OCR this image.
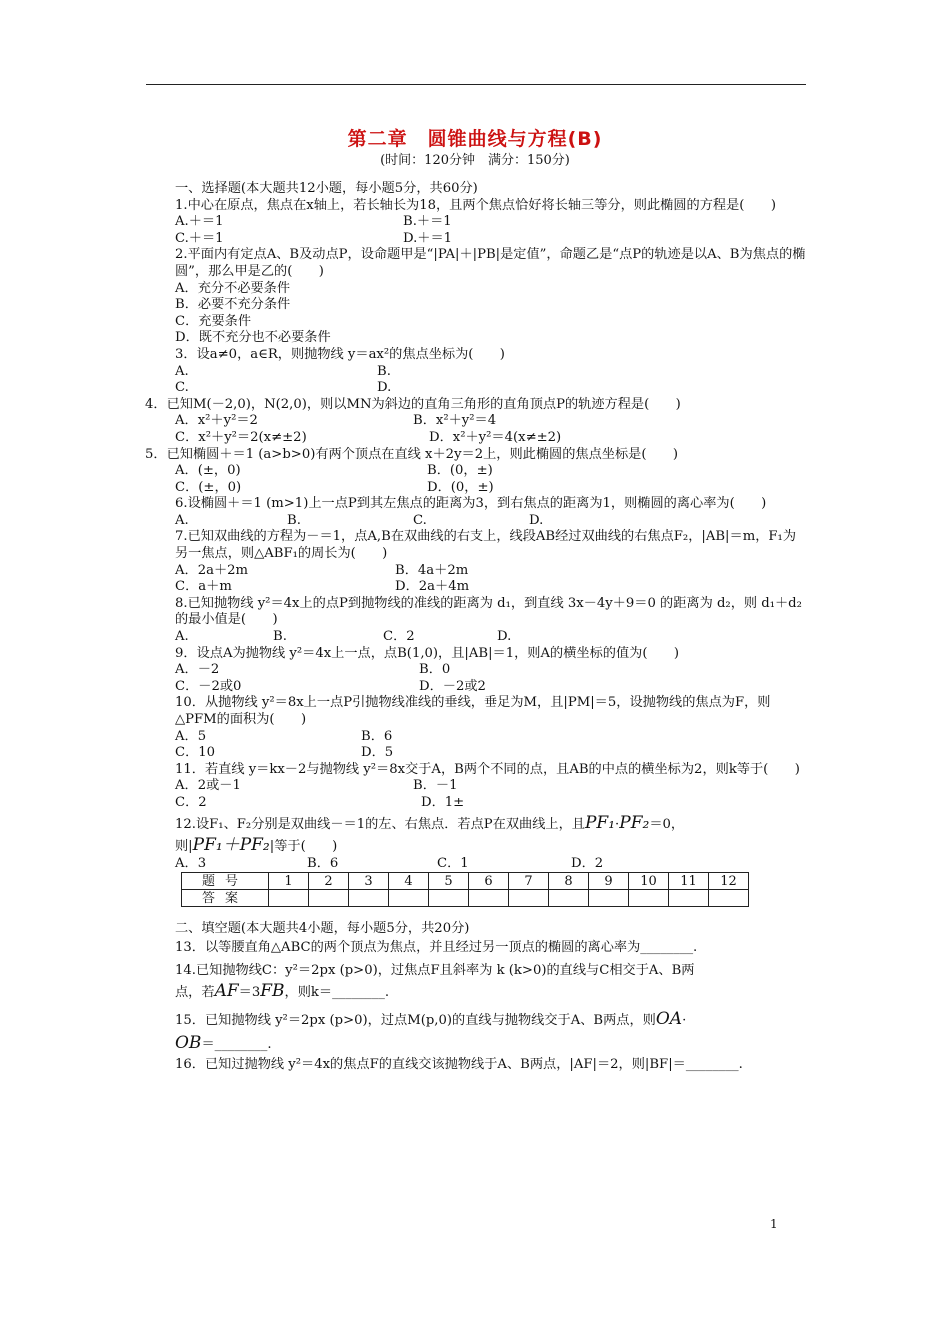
第二章　圆锥曲线与方程(B)
(时间：120分钟　满分：150分)
一、选择题(本大题共12小题，每小题5分，共60分)
1.中心在原点，焦点在x轴上，若长轴长为18，且两个焦点恰好将长轴三等分，则此椭圆的方程是(　　)
A.＋＝1	B.＋＝1
C.＋＝1	D.＋＝1
2.平面内有定点A、B及动点P，设命题甲是“|PA|＋|PB|是定值”，命题乙是“点P的轨迹是以A、B为焦点的椭圆”，那么甲是乙的(　　)
A．充分不必要条件
B．必要不充分条件
C．充要条件
D．既不充分也不必要条件
3．设a≠0，a∈R，则抛物线 y＝ax²的焦点坐标为(　　)
A.	B.
C.	D.
4．已知M(－2,0)，N(2,0)，则以MN为斜边的直角三角形的直角顶点P的轨迹方程是(　　)
A．x²＋y²＝2	B．x²＋y²＝4
C．x²＋y²＝2(x≠±2)	D．x²＋y²＝4(x≠±2)
5．已知椭圆＋＝1 (a>b>0)有两个顶点在直线 x＋2y＝2上，则此椭圆的焦点坐标是(　　)
A．(±，0)	B．(0，±)
C．(±，0)	D．(0，±)
6.设椭圆＋＝1 (m>1)上一点P到其左焦点的距离为3，到右焦点的距离为1，则椭圆的离心率为(　　)
A.	B.	C.	D.
7.已知双曲线的方程为－＝1，点A,B在双曲线的右支上，线段AB经过双曲线的右焦点F₂，|AB|＝m，F₁为另一焦点，则△ABF₁的周长为(　　)
A．2a＋2m	B．4a＋2m
C．a＋m	D．2a＋4m
8.已知抛物线 y²＝4x上的点P到抛物线的准线的距离为 d₁，到直线 3x－4y＋9＝0 的距离为 d₂，则 d₁＋d₂的最小值是(　　)
A.	B.	C．2	D.
9．设点A为抛物线 y²＝4x上一点，点B(1,0)，且|AB|＝1，则A的横坐标的值为(　　)
A．－2	B．0
C．－2或0	D．－2或2
10．从抛物线 y²＝8x上一点P引抛物线准线的垂线，垂足为M，且|PM|＝5，设抛物线的焦点为F，则△PFM的面积为(　　)
A．5	B．6
C．10	D．5
11．若直线 y＝kx－2与抛物线 y²＝8x交于A，B两个不同的点，且AB的中点的横坐标为2，则k等于(　　)
A．2或－1	B．－1
C．2	D．1±
12.设F₁、F₂分别是双曲线－＝1的左、右焦点．若点P在双曲线上，且PF₁·PF₂＝0，
则|PF₁＋PF₂|等于(　　)
A．3	B．6	C．1	D．2
题号	1	2	3	4	5	6	7	8	9	10	11	12
答案												
二、填空题(本大题共4小题，每小题5分，共20分)
13．以等腰直角△ABC的两个顶点为焦点，并且经过另一顶点的椭圆的离心率为________.
14.已知抛物线C：y²＝2px (p>0)，过焦点F且斜率为 k (k>0)的直线与C相交于A、B两
点，若AF＝3FB，则k＝________.
15．已知抛物线 y²＝2px (p>0)，过点M(p,0)的直线与抛物线交于A、B两点，则OA·
OB＝________.
16．已知过抛物线 y²＝4x的焦点F的直线交该抛物线于A、B两点，|AF|＝2，则|BF|＝________.
1
